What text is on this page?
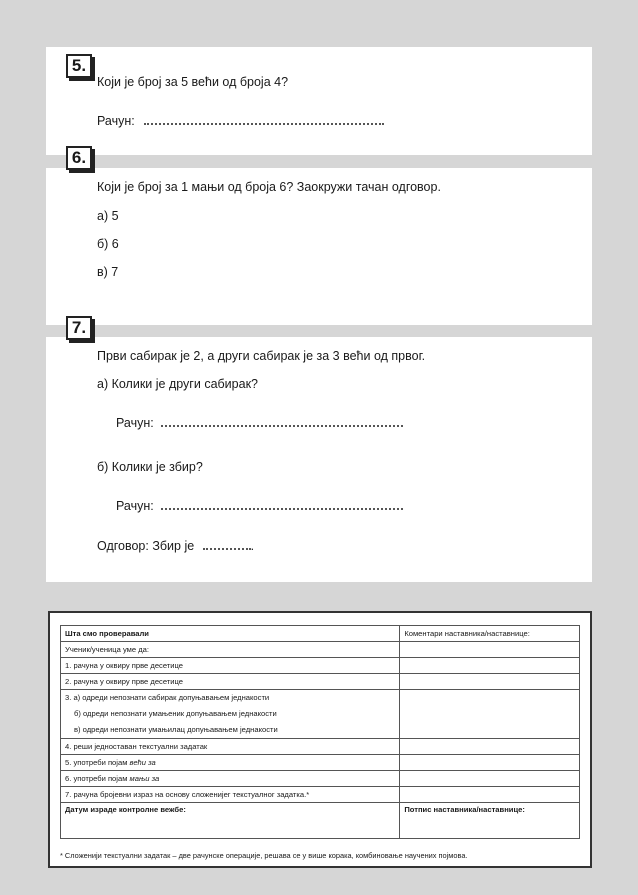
5.
Који је број за 5 већи од броја 4?
Рачун:
6.
Који је број за 1 мањи од броја 6? Заокружи тачан одговор.
а) 5
б) 6
в) 7
7.
Први сабирак је 2, а други сабирак је за 3 већи од првог.
а) Колики је други сабирак?
Рачун:
б) Колики је збир?
Рачун:
Одговор: Збир је	.
Шта смо проверавали	Коментари наставника/наставнице:
Ученик/ученица уме да:	
1. рачуна у оквиру прве десетице	
2. рачуна у оквиру прве десетице	

3. а) одреди непознати сабирак допуњавањем једнакости
б) одреди непознати умањеник допуњавањем једнакости
в) одреди непознати умањилац допуњавањем једнакости	

4. реши једноставан текстуални задатак	
5. употреби појам већи за	
6. употреби појам мањи за	
7. рачуна бројевни израз на основу сложенијег текстуалног задатка.*	
Датум израде контролне вежбе:	Потпис наставника/наставнице:
* Сложенији текстуални задатак – две рачунске операције, решава се у више корака, комбиновање научених појмова.
